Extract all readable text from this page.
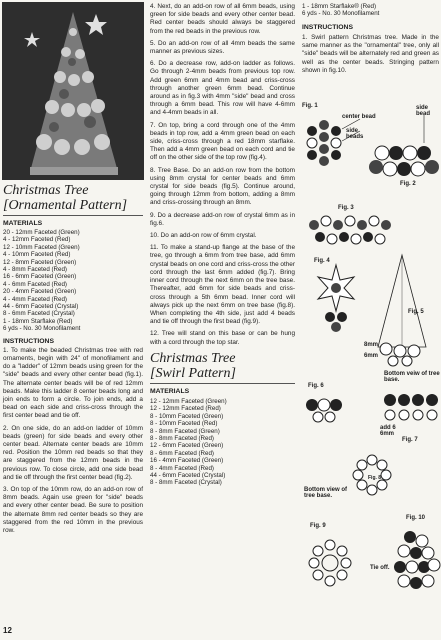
Christmas Tree
[Ornamental Pattern]
MATERIALS
20 - 12mm Faceted (Green)
4 - 12mm Faceted (Red)
12 - 10mm Faceted (Green)
4 - 10mm Faceted (Red)
12 - 8mm Faceted (Green)
4 - 8mm Faceted (Red)
16 - 6mm Faceted (Green)
4 - 6mm Faceted (Red)
20 - 4mm Faceted (Green)
4 - 4mm Faceted (Red)
44 - 6mm Faceted (Crystal)
8 - 6mm Faceted (Crystal)
1 - 18mm Starflake (Red)
6 yds - No. 30 Monofilament
INSTRUCTIONS

1. To make the beaded Christmas tree with red ornaments, begin with 24" of monofilament and do a "ladder" of 12mm beads using green for the "side" beads and every other center bead (fig.1). The alternate center beads will be of red 12mm beads. Make this ladder 8 center beads long and join ends to form a circle. To join ends, add a bead on each side and criss-cross through the first center bead and tie off.

2. On one side, do an add-on ladder of 10mm beads (green) for side beads and every other center bead. Alternate center beads are 10mm red. Position the 10mm red beads so that they are staggered from the 12mm beads in the previous row. To close circle, add one side bead and tie off through the first center bead (fig.2).

3. On top of the 10mm row, do an add-on row of 8mm beads. Again use green for "side" beads and every other center bead. Be sure to position the alternate 8mm red center beads so they are staggered from the red 10mm in the previous row.

12

4. Next, do an add-on row of all 6mm beads, using green for side beads and every other center bead. Red center beads should always be staggered from the red beads in the previous row.

5. Do an add-on row of all 4mm beads the same manner as previous sizes.

6. Do a decrease row, add-on ladder as follows. Go through 2-4mm beads from previous top row. Add green 6mm and 4mm bead and criss-cross through another green 6mm bead. Continue around as in fig.3 with 4mm "side" bead and cross through a 6mm bead. This row will have 4-6mm and 4-4mm beads in all.

7. On top, bring a cord through one of the 4mm beads in top row, add a 4mm green bead on each side, criss-cross through a red 18mm starflake. Then add a 4mm green bead on each cord and tie off on the other side of the top row (fig.4).

8. Tree Base. Do an add-on row from the bottom using 8mm crystal for center beads and 6mm crystal for side beads (fig.5). Continue around, going through 12mm from bottom, adding a 8mm and criss-crossing through an 8mm.

9. Do a decrease add-on row of crystal 6mm as in fig.6.

10. Do an add-on row of 6mm crystal.

11. To make a stand-up flange at the base of the tree, go through a 6mm from tree base, add 6mm crystal beads on one cord and criss-cross the other cord through the last 6mm added (fig.7). Bring inner cord through the next 6mm on the tree base. Thereafter, add 6mm for side beads and criss-cross through a 5th 6mm bead. Inner cord will always pick up the next 6mm on tree base (fig.8). When completing the 4th side, just add 4 beads and tie off through the first bead (fig.9).

12. Tree will stand on this base or can be hung with a cord through the top star.

Christmas Tree
[Swirl Pattern]
MATERIALS
12 - 12mm Faceted (Green)
12 - 12mm Faceted (Red)
8 - 10mm Faceted (Green)
8 - 10mm Faceted (Red)
8 - 8mm Faceted (Green)
8 - 8mm Faceted (Red)
12 - 6mm Faceted (Green)
8 - 6mm Faceted (Red)
16 - 4mm Faceted (Green)
8 - 4mm Faceted (Red)
44 - 6mm Faceted (Crystal)
8 - 8mm Faceted (Crystal)
1 - 18mm Starflake® (Red)
6 yds - No. 30 Monofilament
INSTRUCTIONS

1. Swirl pattern Christmas tree. Made in the same manner as the "ornamental" tree, only all "side" beads will be alternately red and green as well as the center beads. Stringing pattern shown in fig.10.

Fig. 1
center bead
side beads
side bead
Fig. 2
Fig. 3
Fig. 4
Fig. 5
8mm
6mm
Fig. 6
Bottom veiw of tree base.
add 6 6mm
Fig. 7
Fig. 8
Bottom view of tree base.
Fig. 9
Fig. 10
Tie off.
